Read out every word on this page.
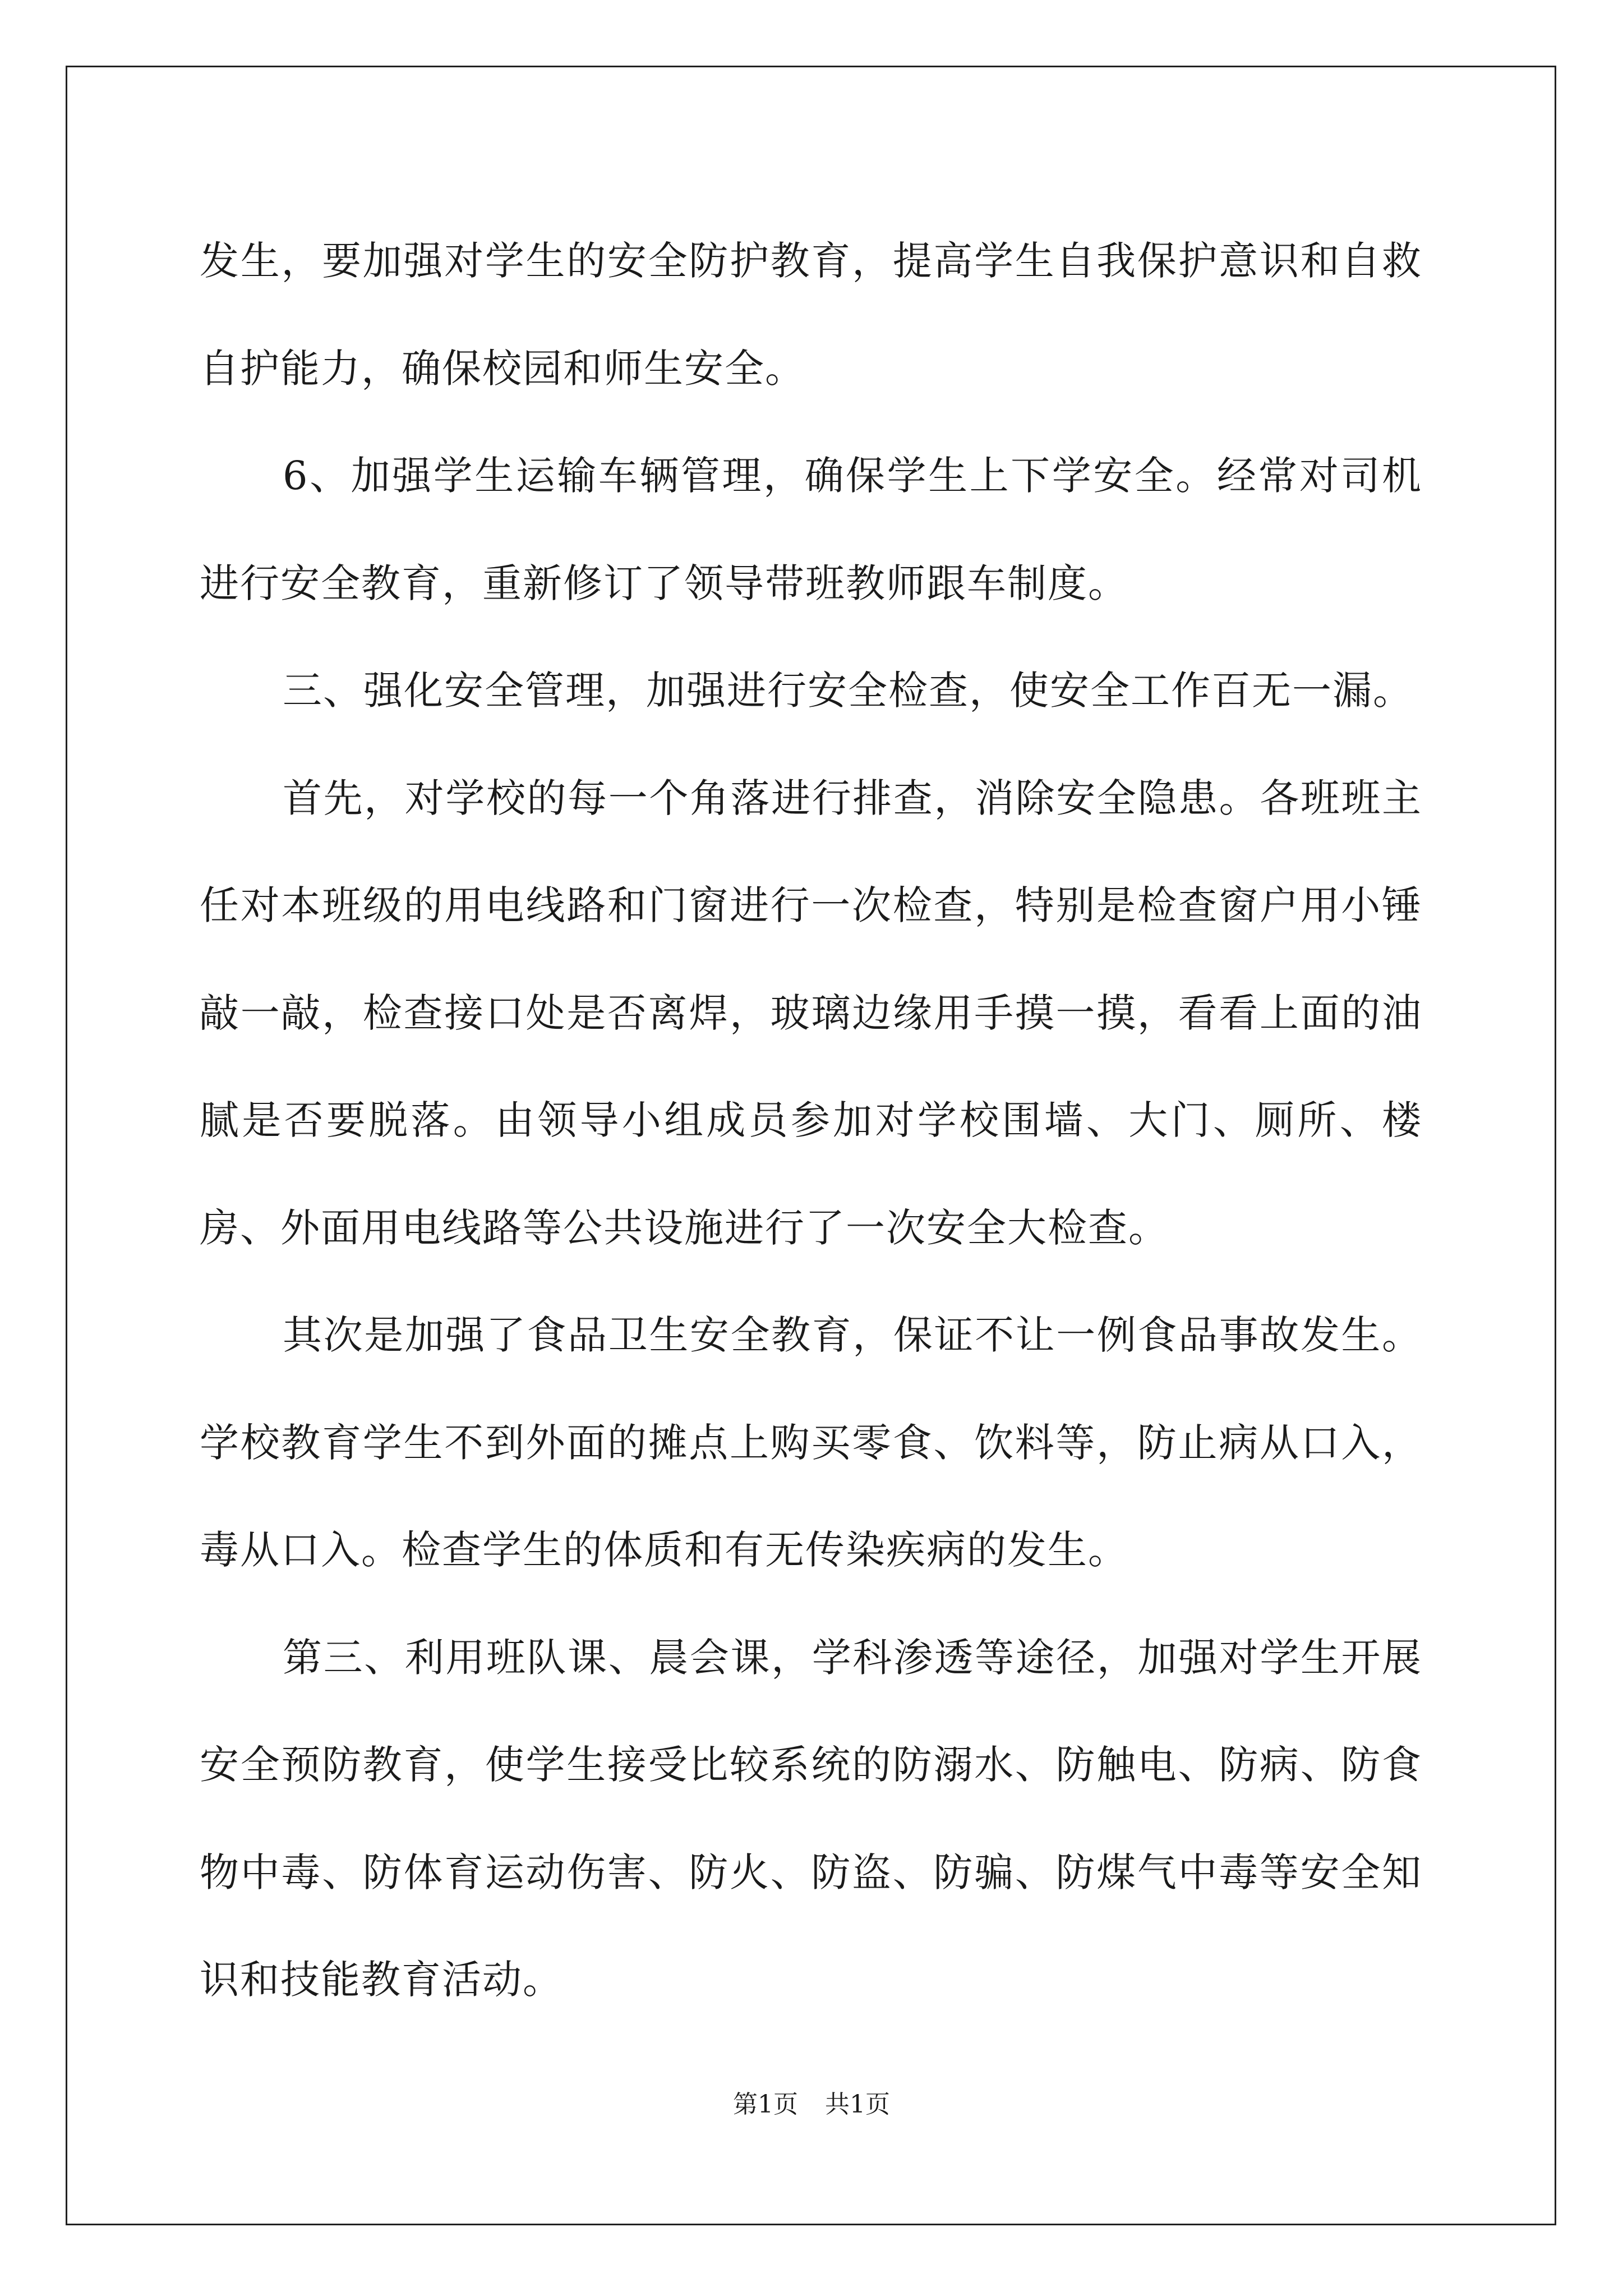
发生，要加强对学生的安全防护教育，提高学生自我保护意识和自救自护能力，确保校园和师生安全。

6、加强学生运输车辆管理，确保学生上下学安全。经常对司机进行安全教育，重新修订了领导带班教师跟车制度。

三、强化安全管理，加强进行安全检查，使安全工作百无一漏。

首先，对学校的每一个角落进行排查，消除安全隐患。各班班主任对本班级的用电线路和门窗进行一次检查，特别是检查窗户用小锤敲一敲，检查接口处是否离焊，玻璃边缘用手摸一摸，看看上面的油腻是否要脱落。由领导小组成员参加对学校围墙、大门、厕所、楼房、外面用电线路等公共设施进行了一次安全大检查。

其次是加强了食品卫生安全教育，保证不让一例食品事故发生。学校教育学生不到外面的摊点上购买零食、饮料等，防止病从口入，毒从口入。检查学生的体质和有无传染疾病的发生。

第三、利用班队课、晨会课，学科渗透等途径，加强对学生开展安全预防教育，使学生接受比较系统的防溺水、防触电、防病、防食物中毒、防体育运动伤害、防火、防盗、防骗、防煤气中毒等安全知识和技能教育活动。

第1页 共1页
